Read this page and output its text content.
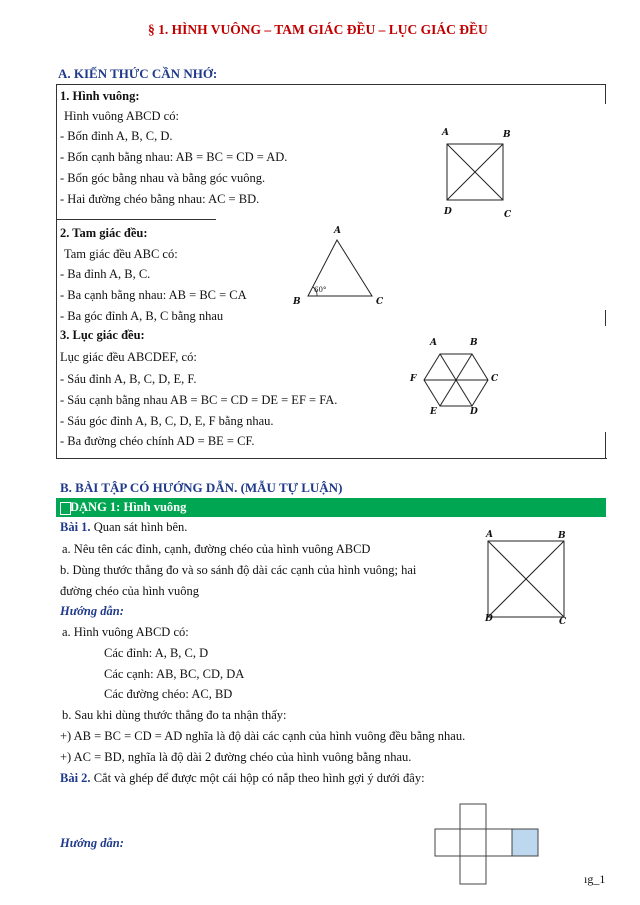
§ 1. HÌNH VUÔNG – TAM GIÁC ĐỀU – LỤC GIÁC ĐỀU
A. KIẾN THỨC CẦN NHỚ:
1. Hình vuông:
Hình vuông ABCD có:
- Bốn đỉnh A, B, C, D.
- Bốn cạnh bằng nhau: AB = BC = CD = AD.
- Bốn góc bằng nhau và bằng góc vuông.
- Hai đường chéo bằng nhau: AC = BD.
A	B
D	C
2. Tam giác đều:
Tam giác đều ABC có:
- Ba đỉnh A, B, C.
- Ba cạnh bằng nhau: AB = BC = CA
- Ba góc đỉnh A, B, C bằng nhau
A
B	C
60°
3. Lục giác đều:
Lục giác đều ABCDEF, có:
- Sáu đỉnh A, B, C, D, E, F.
- Sáu cạnh bằng nhau AB = BC = CD = DE = EF = FA.
- Sáu góc đỉnh A, B, C, D, E, F bằng nhau.
- Ba đường chéo chính AD = BE = CF.
A	B
F	C
E	D
B. BÀI TẬP CÓ HƯỚNG DẪN. (MẪU TỰ LUẬN)
DẠNG 1: Hình vuông
Bài 1. Quan sát hình bên.
a. Nêu tên các đỉnh, cạnh, đường chéo của hình vuông ABCD
b. Dùng thước thẳng đo và so sánh độ dài các cạnh của hình vuông; hai
đường chéo của hình vuông
Hướng dẫn:
a. Hình vuông ABCD có:
Các đỉnh: A, B, C, D
Các cạnh: AB, BC, CD, DA
Các đường chéo: AC, BD
b. Sau khi dùng thước thẳng đo ta nhận thấy:
+) AB = BC = CD = AD nghĩa là độ dài các cạnh của hình vuông đều bằng nhau.
+) AC = BD, nghĩa là độ dài 2 đường chéo của hình vuông bằng nhau.
A	B
D	C
Bài 2. Cắt và ghép để được một cái hộp có nắp theo hình gợi ý dưới đây:
Hướng dẫn:
ıg_1
